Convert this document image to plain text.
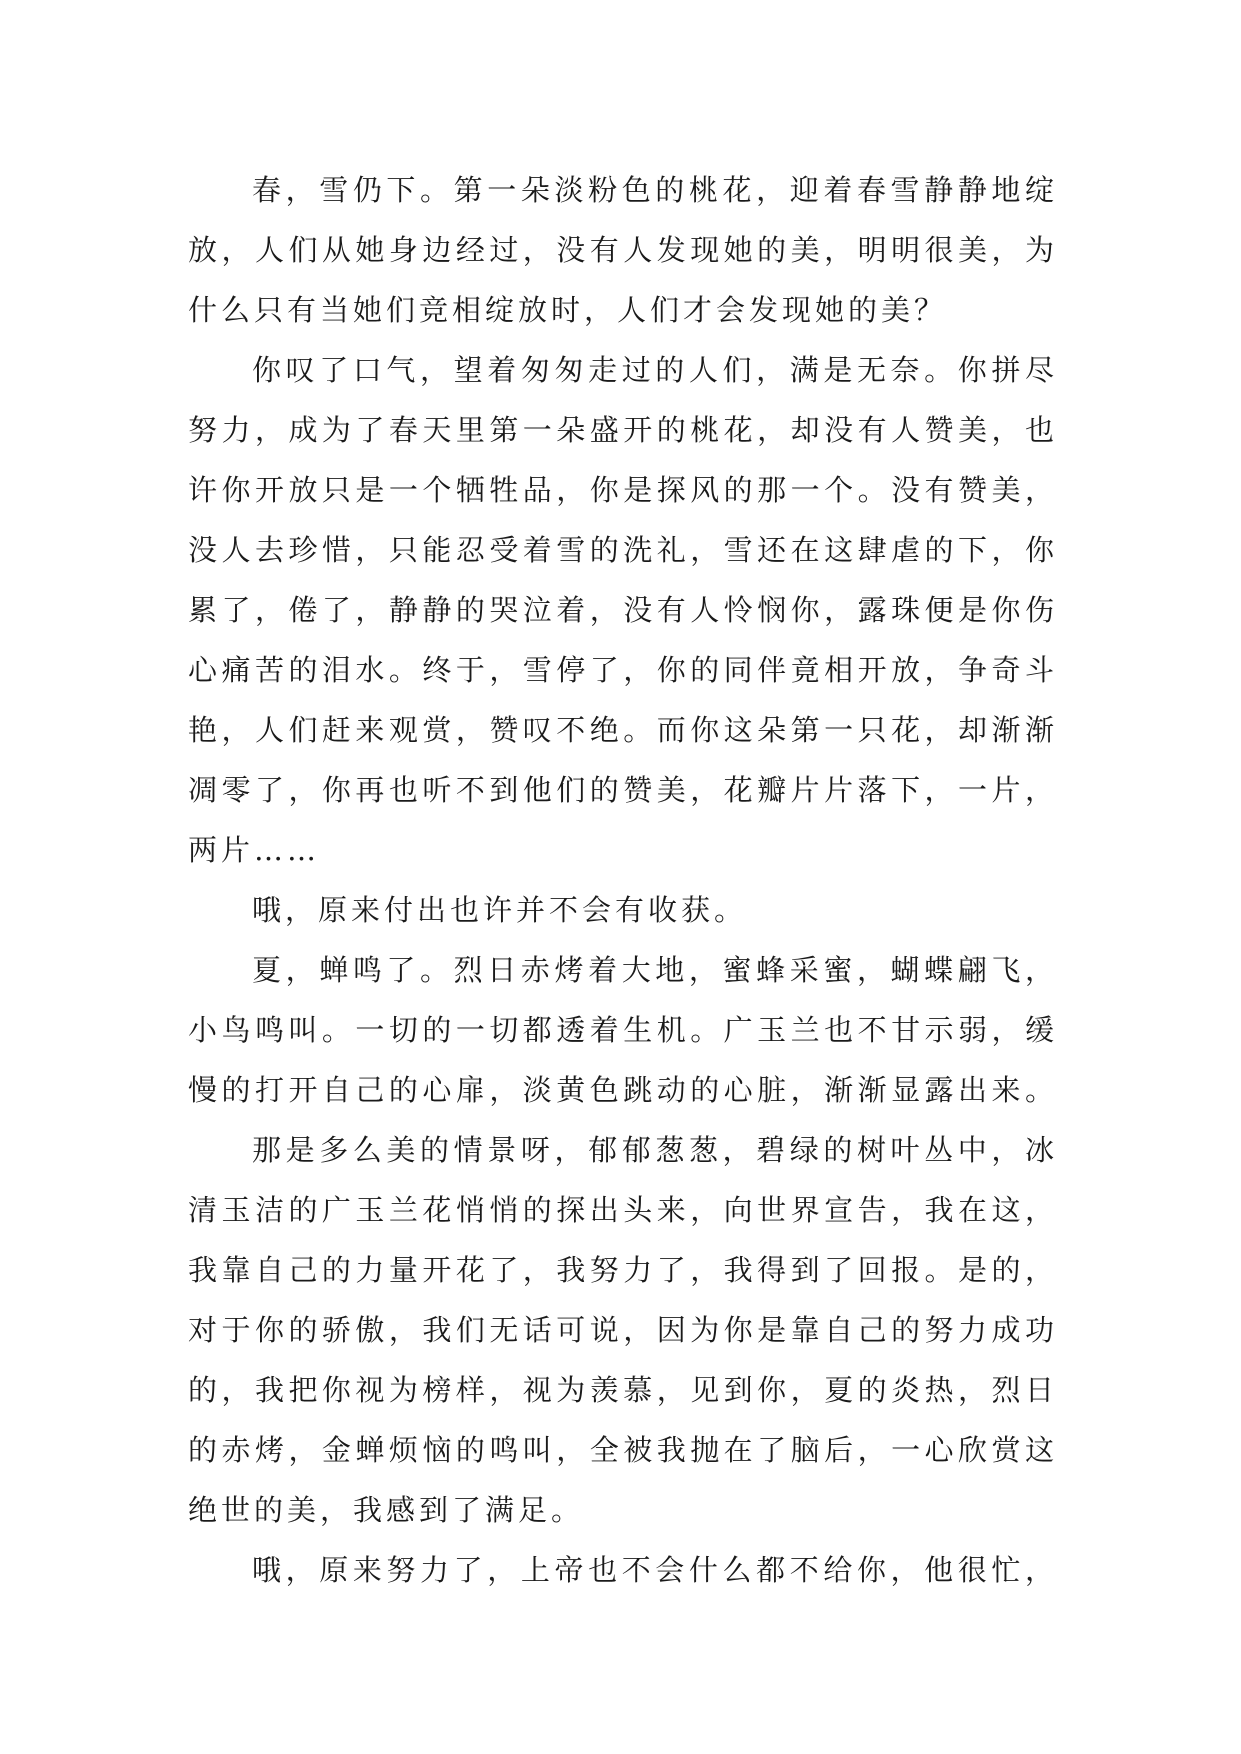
春，雪仍下。第一朵淡粉色的桃花，迎着春雪静静地绽
放，人们从她身边经过，没有人发现她的美，明明很美，为
什么只有当她们竞相绽放时，人们才会发现她的美？

你叹了口气，望着匆匆走过的人们，满是无奈。你拼尽
努力，成为了春天里第一朵盛开的桃花，却没有人赞美，也
许你开放只是一个牺牲品，你是探风的那一个。没有赞美，
没人去珍惜，只能忍受着雪的洗礼，雪还在这肆虐的下，你
累了，倦了，静静的哭泣着，没有人怜悯你，露珠便是你伤
心痛苦的泪水。终于，雪停了，你的同伴竟相开放，争奇斗
艳，人们赶来观赏，赞叹不绝。而你这朵第一只花，却渐渐
凋零了，你再也听不到他们的赞美，花瓣片片落下，一片，
两片……

哦，原来付出也许并不会有收获。

夏，蝉鸣了。烈日赤烤着大地，蜜蜂采蜜，蝴蝶翩飞，
小鸟鸣叫。一切的一切都透着生机。广玉兰也不甘示弱，缓
慢的打开自己的心扉，淡黄色跳动的心脏，渐渐显露出来。

那是多么美的情景呀，郁郁葱葱，碧绿的树叶丛中，冰
清玉洁的广玉兰花悄悄的探出头来，向世界宣告，我在这，
我靠自己的力量开花了，我努力了，我得到了回报。是的，
对于你的骄傲，我们无话可说，因为你是靠自己的努力成功
的，我把你视为榜样，视为羡慕，见到你，夏的炎热，烈日
的赤烤，金蝉烦恼的鸣叫，全被我抛在了脑后，一心欣赏这
绝世的美，我感到了满足。

哦，原来努力了，上帝也不会什么都不给你，他很忙，
